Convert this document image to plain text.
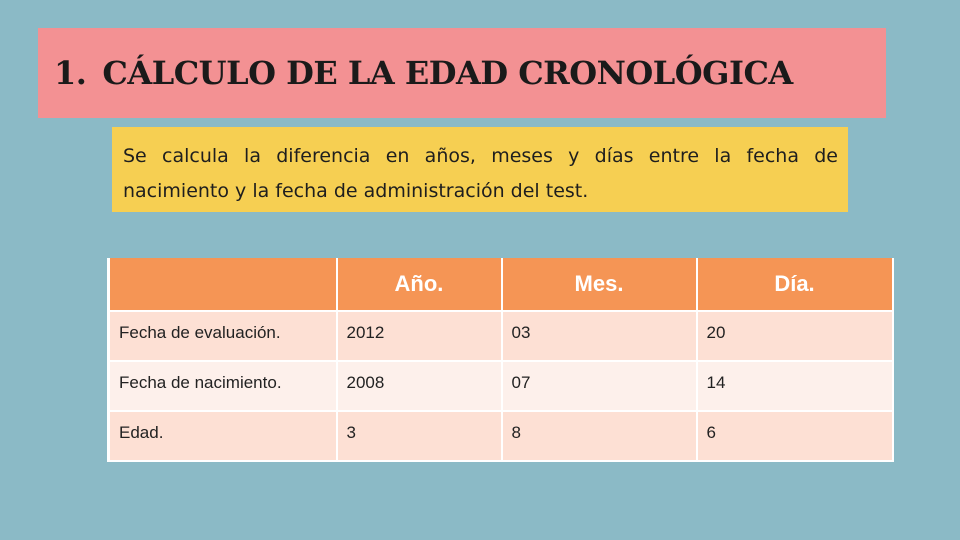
1. CÁLCULO DE LA EDAD CRONOLÓGICA
Se calcula la diferencia en años, meses y días entre la fecha de nacimiento y la fecha de administración del test.
	Año.	Mes.	Día.
Fecha de evaluación.	2012	03	20
Fecha de nacimiento.	2008	07	14
Edad.	3	8	6
